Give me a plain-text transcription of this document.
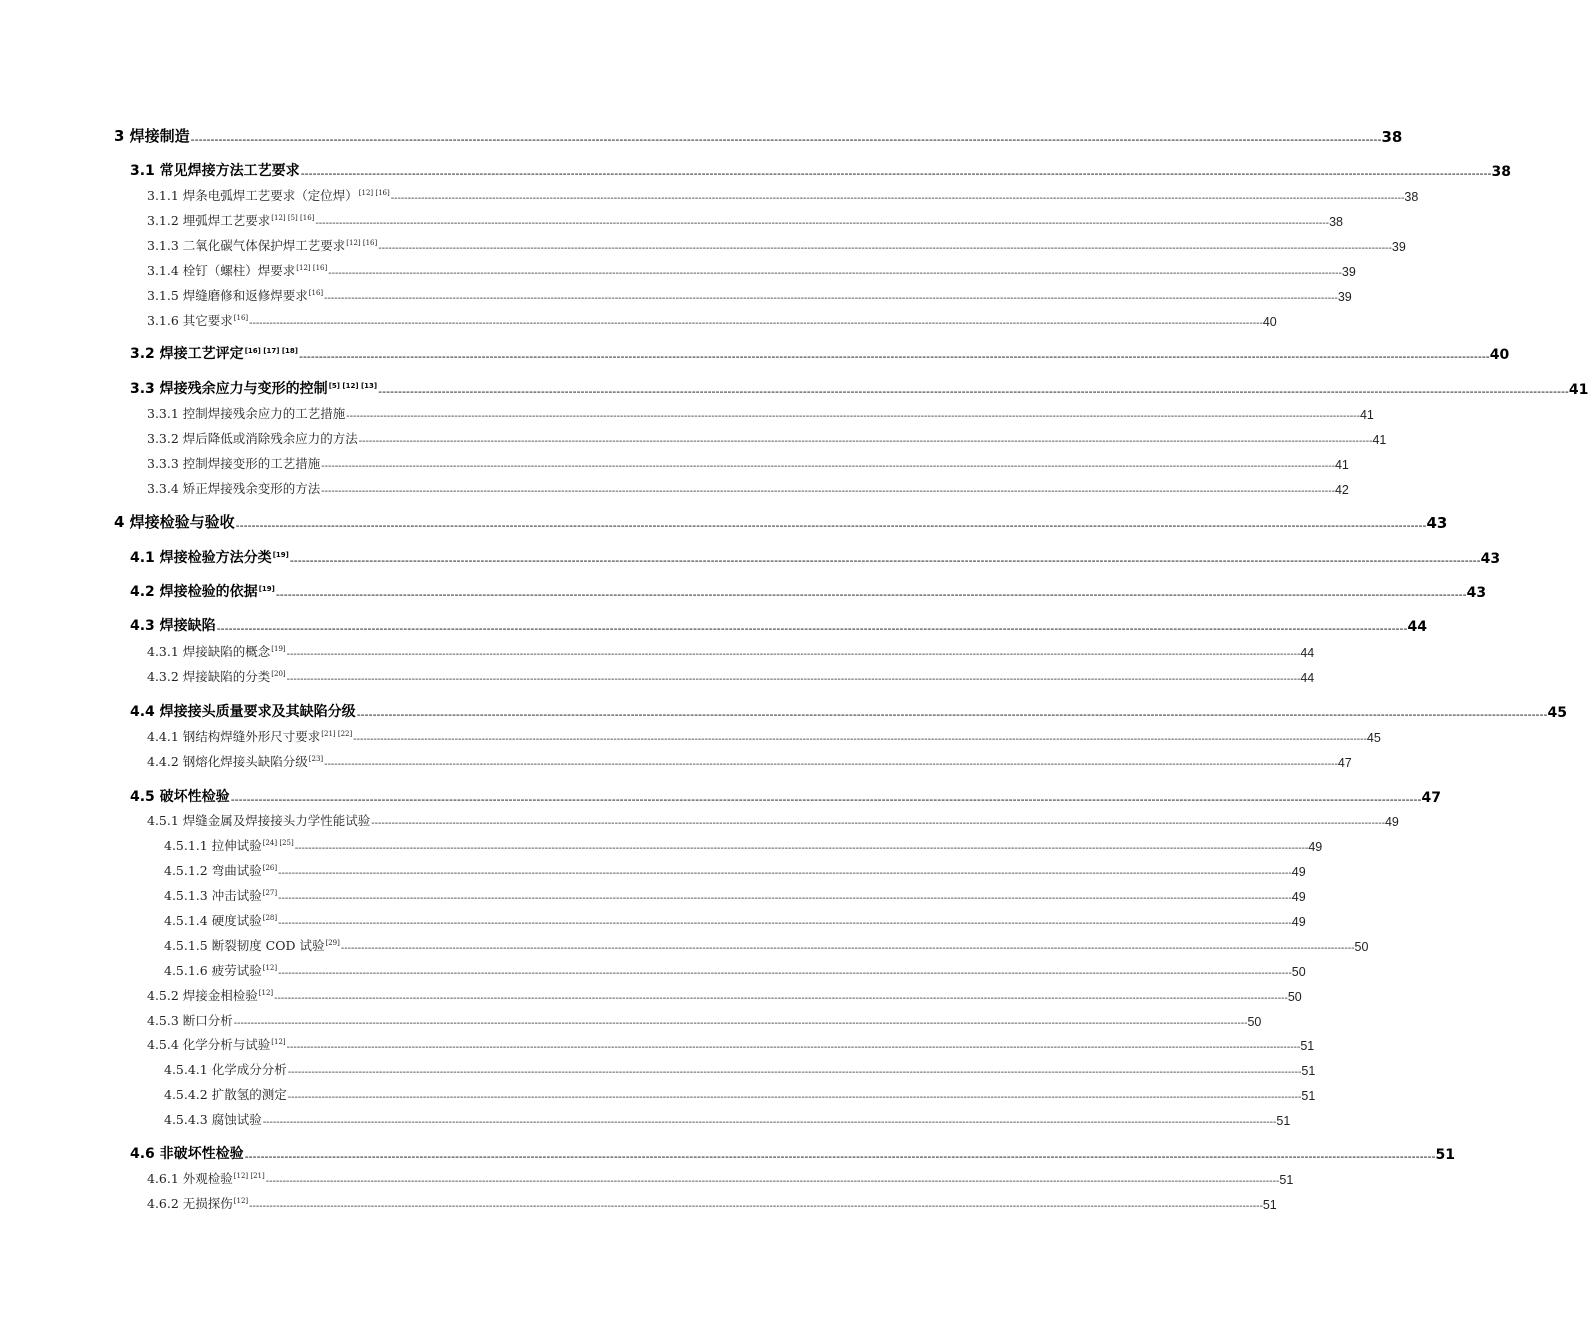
3 焊接制造 ------------------------------------------------------------------------------------------------------------------------------------------------------------------------------------------------------------------------------------------------------------------------------------------------------------ 38
3.1 常见焊接方法工艺要求 ------------------------------------------------------------------------------------------------------------------------------------------------------------------------------------------------------------------------------------------------------------------------------------------------------------ 38
3.1.1 焊条电弧焊工艺要求（定位焊）[12] [16] ------------------------------------------------------------------------------------------------------------------------------------------------------------------------------------------------------------------------------------------------------------------------------------------------------------ 38
3.1.2 埋弧焊工艺要求[12] [5] [16] ------------------------------------------------------------------------------------------------------------------------------------------------------------------------------------------------------------------------------------------------------------------------------------------------------------ 38
3.1.3 二氧化碳气体保护焊工艺要求[12] [16] ------------------------------------------------------------------------------------------------------------------------------------------------------------------------------------------------------------------------------------------------------------------------------------------------------------ 39
3.1.4 栓钉（螺柱）焊要求[12] [16] ------------------------------------------------------------------------------------------------------------------------------------------------------------------------------------------------------------------------------------------------------------------------------------------------------------ 39
3.1.5 焊缝磨修和返修焊要求[16] ------------------------------------------------------------------------------------------------------------------------------------------------------------------------------------------------------------------------------------------------------------------------------------------------------------ 39
3.1.6 其它要求[16] ------------------------------------------------------------------------------------------------------------------------------------------------------------------------------------------------------------------------------------------------------------------------------------------------------------ 40
3.2 焊接工艺评定[16] [17] [18] ------------------------------------------------------------------------------------------------------------------------------------------------------------------------------------------------------------------------------------------------------------------------------------------------------------ 40
3.3 焊接残余应力与变形的控制[5] [12] [13] ------------------------------------------------------------------------------------------------------------------------------------------------------------------------------------------------------------------------------------------------------------------------------------------------------------ 41
3.3.1 控制焊接残余应力的工艺措施 ------------------------------------------------------------------------------------------------------------------------------------------------------------------------------------------------------------------------------------------------------------------------------------------------------------ 41
3.3.2 焊后降低或消除残余应力的方法 ------------------------------------------------------------------------------------------------------------------------------------------------------------------------------------------------------------------------------------------------------------------------------------------------------------ 41
3.3.3 控制焊接变形的工艺措施 ------------------------------------------------------------------------------------------------------------------------------------------------------------------------------------------------------------------------------------------------------------------------------------------------------------ 41
3.3.4 矫正焊接残余变形的方法 ------------------------------------------------------------------------------------------------------------------------------------------------------------------------------------------------------------------------------------------------------------------------------------------------------------ 42
4 焊接检验与验收 ------------------------------------------------------------------------------------------------------------------------------------------------------------------------------------------------------------------------------------------------------------------------------------------------------------ 43
4.1 焊接检验方法分类[19] ------------------------------------------------------------------------------------------------------------------------------------------------------------------------------------------------------------------------------------------------------------------------------------------------------------ 43
4.2 焊接检验的依据[19] ------------------------------------------------------------------------------------------------------------------------------------------------------------------------------------------------------------------------------------------------------------------------------------------------------------ 43
4.3 焊接缺陷 ------------------------------------------------------------------------------------------------------------------------------------------------------------------------------------------------------------------------------------------------------------------------------------------------------------ 44
4.3.1 焊接缺陷的概念[19] ------------------------------------------------------------------------------------------------------------------------------------------------------------------------------------------------------------------------------------------------------------------------------------------------------------ 44
4.3.2 焊接缺陷的分类[20] ------------------------------------------------------------------------------------------------------------------------------------------------------------------------------------------------------------------------------------------------------------------------------------------------------------ 44
4.4 焊接接头质量要求及其缺陷分级 ------------------------------------------------------------------------------------------------------------------------------------------------------------------------------------------------------------------------------------------------------------------------------------------------------------ 45
4.4.1 钢结构焊缝外形尺寸要求[21] [22] ------------------------------------------------------------------------------------------------------------------------------------------------------------------------------------------------------------------------------------------------------------------------------------------------------------ 45
4.4.2 钢熔化焊接头缺陷分级[23] ------------------------------------------------------------------------------------------------------------------------------------------------------------------------------------------------------------------------------------------------------------------------------------------------------------ 47
4.5 破坏性检验 ------------------------------------------------------------------------------------------------------------------------------------------------------------------------------------------------------------------------------------------------------------------------------------------------------------ 47
4.5.1 焊缝金属及焊接接头力学性能试验 ------------------------------------------------------------------------------------------------------------------------------------------------------------------------------------------------------------------------------------------------------------------------------------------------------------ 49
4.5.1.1 拉伸试验[24] [25] ------------------------------------------------------------------------------------------------------------------------------------------------------------------------------------------------------------------------------------------------------------------------------------------------------------ 49
4.5.1.2 弯曲试验[26] ------------------------------------------------------------------------------------------------------------------------------------------------------------------------------------------------------------------------------------------------------------------------------------------------------------ 49
4.5.1.3 冲击试验[27] ------------------------------------------------------------------------------------------------------------------------------------------------------------------------------------------------------------------------------------------------------------------------------------------------------------ 49
4.5.1.4 硬度试验[28] ------------------------------------------------------------------------------------------------------------------------------------------------------------------------------------------------------------------------------------------------------------------------------------------------------------ 49
4.5.1.5 断裂韧度 COD 试验[29] ------------------------------------------------------------------------------------------------------------------------------------------------------------------------------------------------------------------------------------------------------------------------------------------------------------ 50
4.5.1.6 疲劳试验[12] ------------------------------------------------------------------------------------------------------------------------------------------------------------------------------------------------------------------------------------------------------------------------------------------------------------ 50
4.5.2 焊接金相检验[12] ------------------------------------------------------------------------------------------------------------------------------------------------------------------------------------------------------------------------------------------------------------------------------------------------------------ 50
4.5.3 断口分析 ------------------------------------------------------------------------------------------------------------------------------------------------------------------------------------------------------------------------------------------------------------------------------------------------------------ 50
4.5.4 化学分析与试验[12] ------------------------------------------------------------------------------------------------------------------------------------------------------------------------------------------------------------------------------------------------------------------------------------------------------------ 51
4.5.4.1 化学成分分析 ------------------------------------------------------------------------------------------------------------------------------------------------------------------------------------------------------------------------------------------------------------------------------------------------------------ 51
4.5.4.2 扩散氢的测定 ------------------------------------------------------------------------------------------------------------------------------------------------------------------------------------------------------------------------------------------------------------------------------------------------------------ 51
4.5.4.3 腐蚀试验 ------------------------------------------------------------------------------------------------------------------------------------------------------------------------------------------------------------------------------------------------------------------------------------------------------------ 51
4.6 非破坏性检验 ------------------------------------------------------------------------------------------------------------------------------------------------------------------------------------------------------------------------------------------------------------------------------------------------------------ 51
4.6.1 外观检验[12] [21] ------------------------------------------------------------------------------------------------------------------------------------------------------------------------------------------------------------------------------------------------------------------------------------------------------------ 51
4.6.2 无损探伤[12] ------------------------------------------------------------------------------------------------------------------------------------------------------------------------------------------------------------------------------------------------------------------------------------------------------------ 51
